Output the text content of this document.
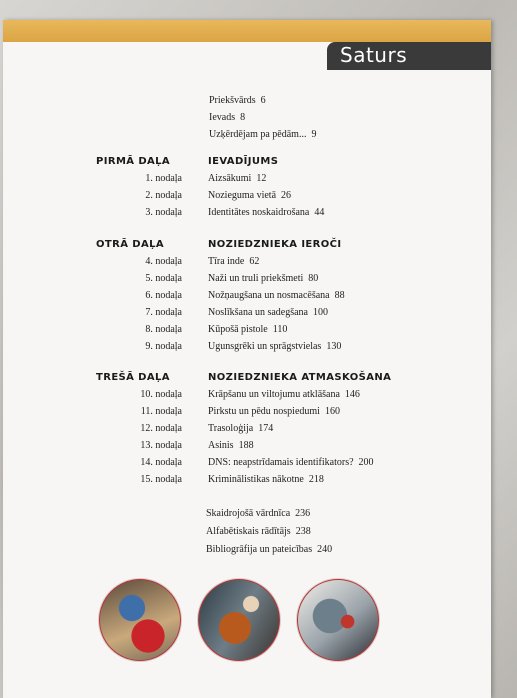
Saturs
Priekšvārds 6
Ievads 8
Uzķērdējam pa pēdām... 9
PIRMĀ DAĻA	IEVADĪJUMS
1. nodaļa	Aizsākumi 12
2. nodaļa	Nozieguma vietā 26
3. nodaļa	Identitātes noskaidrošana 44
OTRĀ DAĻA	NOZIEDZNIEKA IEROČI
4. nodaļa	Tīra inde 62
5. nodaļa	Naži un truli priekšmeti 80
6. nodaļa	Nožņaugšana un nosmacēšana 88
7. nodaļa	Noslīkšana un sadegšana 100
8. nodaļa	Kūpošā pistole 110
9. nodaļa	Ugunsgrēki un sprāgstvielas 130
TREŠĀ DAĻA	NOZIEDZNIEKA ATMASKOŠANA
10. nodaļa	Krāpšanu un viltojumu atklāšana 146
11. nodaļa	Pirkstu un pēdu nospiedumi 160
12. nodaļa	Trasoloģija 174
13. nodaļa	Asinis 188
14. nodaļa	DNS: neapstrīdamais identifikators? 200
15. nodaļa	Kriminālistikas nākotne 218
Skaidrojošā vārdnīca 236
Alfabētiskais rādītājs 238
Bibliogrāfija un pateicības 240
